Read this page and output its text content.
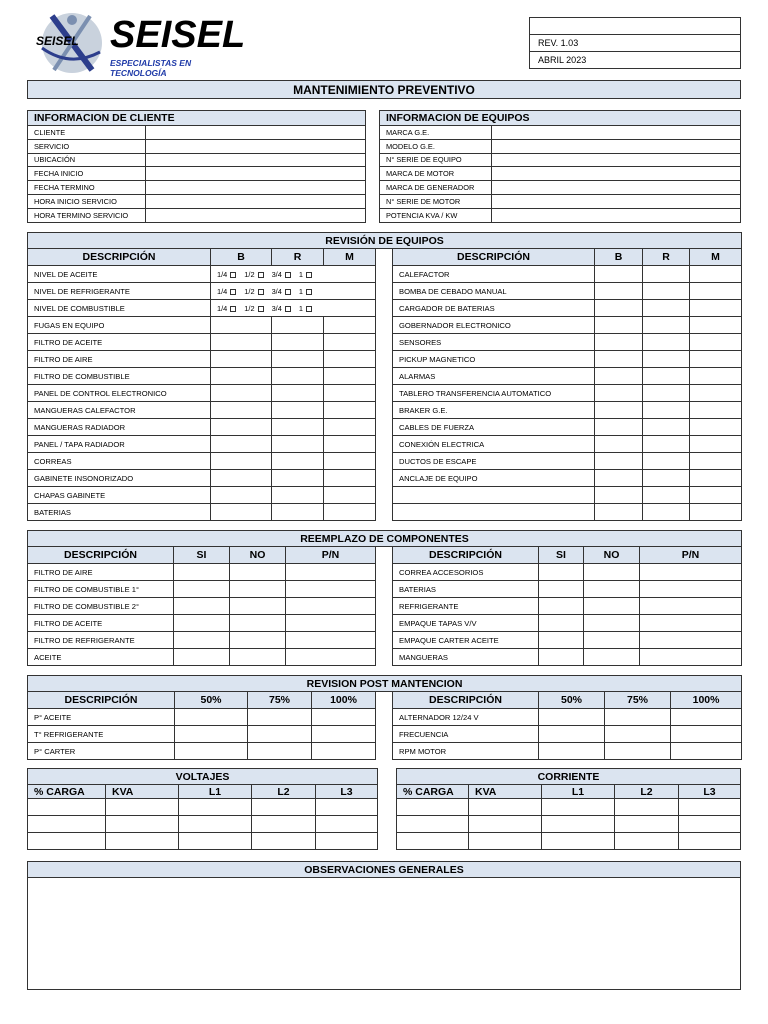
SEISEL SEISEL
ESPECIALISTAS EN TECNOLOGÍA

REV. 1.03
ABRIL 2023
MANTENIMIENTO PREVENTIVO
INFORMACION DE CLIENTE	
CLIENTE	
SERVICIO	
UBICACIÓN	
FECHA INICIO	
FECHA TERMINO	
HORA INICIO SERVICIO	
HORA TERMINO SERVICIO	
INFORMACION DE EQUIPOS	
MARCA G.E.	
MODELO G.E.	
N° SERIE DE EQUIPO	
MARCA DE MOTOR	
MARCA DE GENERADOR	
N° SERIE DE MOTOR	
POTENCIA KVA / KW	
REVISIÓN DE EQUIPOS								
DESCRIPCIÓN	B	R	M		DESCRIPCIÓN	B	R	M
NIVEL DE ACEITE	1/4 1/2 3/4 1				CALEFACTOR			
NIVEL DE REFRIGERANTE	1/4 1/2 3/4 1				BOMBA DE CEBADO MANUAL			
NIVEL DE COMBUSTIBLE	1/4 1/2 3/4 1				CARGADOR DE BATERIAS			
FUGAS EN EQUIPO					GOBERNADOR ELECTRONICO			
FILTRO DE ACEITE					SENSORES			
FILTRO DE AIRE					PICKUP MAGNETICO			
FILTRO DE COMBUSTIBLE					ALARMAS			
PANEL DE CONTROL ELECTRONICO					TABLERO TRANSFERENCIA AUTOMATICO			
MANGUERAS CALEFACTOR					BRAKER G.E.			
MANGUERAS RADIADOR					CABLES DE FUERZA			
PANEL / TAPA RADIADOR					CONEXIÓN ELECTRICA			
CORREAS					DUCTOS DE ESCAPE			
GABINETE INSONORIZADO					ANCLAJE DE EQUIPO			
CHAPAS GABINETE								
BATERIAS								
REEMPLAZO DE COMPONENTES								
DESCRIPCIÓN	SI	NO	P/N		DESCRIPCIÓN	SI	NO	P/N
FILTRO DE AIRE					CORREA ACCESORIOS			
FILTRO DE COMBUSTIBLE 1°					BATERIAS			
FILTRO DE COMBUSTIBLE 2°					REFRIGERANTE			
FILTRO DE ACEITE					EMPAQUE TAPAS V/V			
FILTRO DE REFRIGERANTE					EMPAQUE CARTER ACEITE			
ACEITE					MANGUERAS			
REVISION POST MANTENCION								
DESCRIPCIÓN	50%	75%	100%		DESCRIPCIÓN	50%	75%	100%
P° ACEITE					ALTERNADOR 12/24 V			
T° REFRIGERANTE					FRECUENCIA			
P° CARTER					RPM MOTOR			
VOLTAJES				
% CARGA	KVA	L1	L2	L3

CORRIENTE				
% CARGA	KVA	L1	L2	L3

OBSERVACIONES GENERALES
